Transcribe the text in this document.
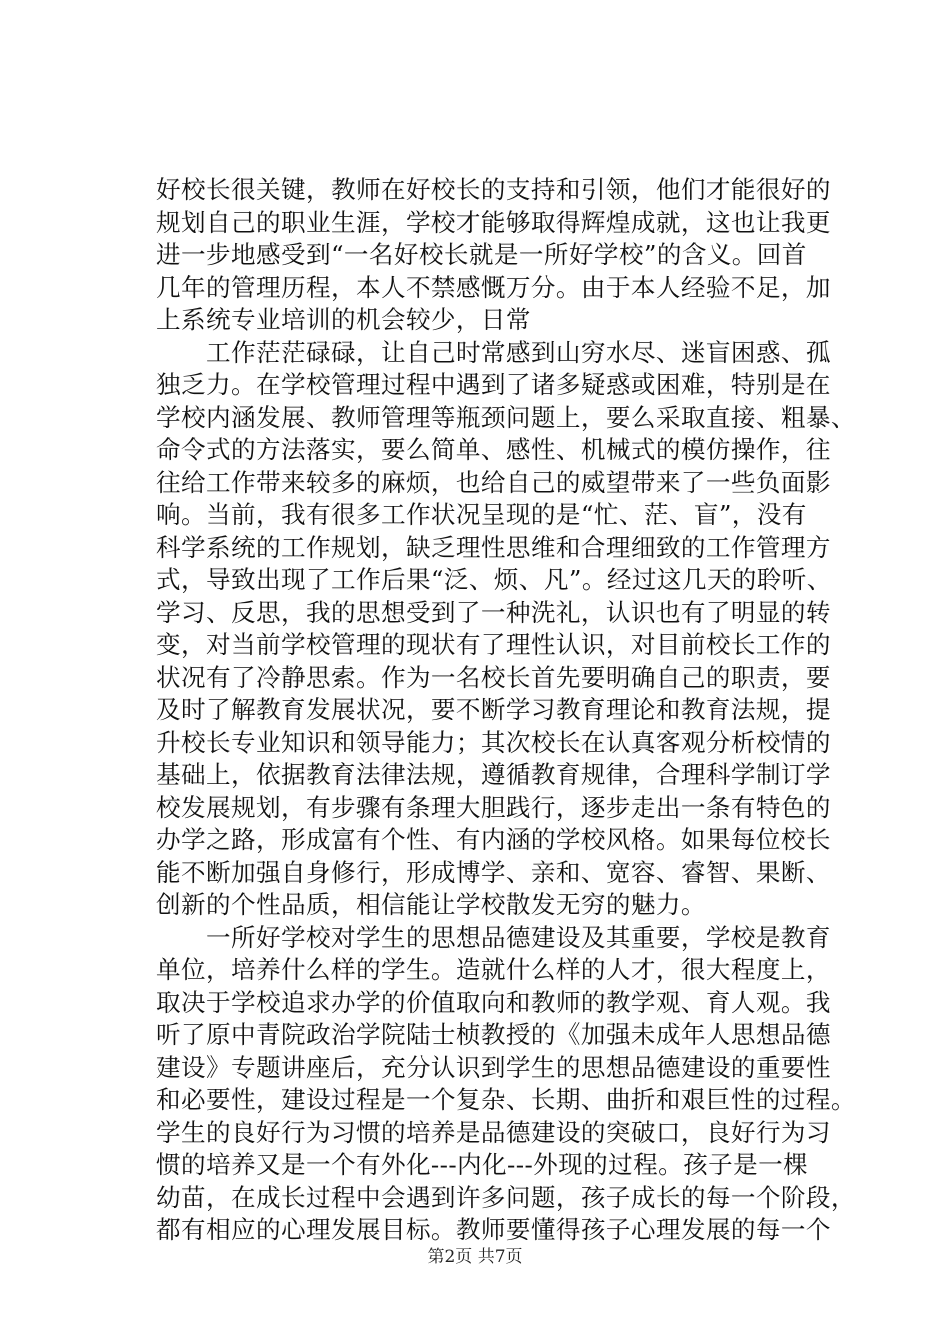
好校长很关键，教师在好校长的支持和引领，他们才能很好的
规划自己的职业生涯，学校才能够取得辉煌成就，这也让我更
进一步地感受到“一名好校长就是一所好学校”的含义。回首
几年的管理历程，本人不禁感慨万分。由于本人经验不足，加
上系统专业培训的机会较少，日常
工作茫茫碌碌，让自己时常感到山穷水尽、迷盲困惑、孤
独乏力。在学校管理过程中遇到了诸多疑惑或困难，特别是在
学校内涵发展、教师管理等瓶颈问题上，要么采取直接、粗暴、
命令式的方法落实，要么简单、感性、机械式的模仿操作，往
往给工作带来较多的麻烦，也给自己的威望带来了一些负面影
响。当前，我有很多工作状况呈现的是“忙、茫、盲”，没有
科学系统的工作规划，缺乏理性思维和合理细致的工作管理方
式，导致出现了工作后果“泛、烦、凡”。经过这几天的聆听、
学习、反思，我的思想受到了一种洗礼，认识也有了明显的转
变，对当前学校管理的现状有了理性认识，对目前校长工作的
状况有了冷静思索。作为一名校长首先要明确自己的职责，要
及时了解教育发展状况，要不断学习教育理论和教育法规，提
升校长专业知识和领导能力；其次校长在认真客观分析校情的
基础上，依据教育法律法规，遵循教育规律，合理科学制订学
校发展规划，有步骤有条理大胆践行，逐步走出一条有特色的
办学之路，形成富有个性、有内涵的学校风格。如果每位校长
能不断加强自身修行，形成博学、亲和、宽容、睿智、果断、
创新的个性品质，相信能让学校散发无穷的魅力。
一所好学校对学生的思想品德建设及其重要，学校是教育
单位，培养什么样的学生。造就什么样的人才，很大程度上，
取决于学校追求办学的价值取向和教师的教学观、育人观。我
听了原中青院政治学院陆士桢教授的《加强未成年人思想品德
建设》专题讲座后，充分认识到学生的思想品德建设的重要性
和必要性，建设过程是一个复杂、长期、曲折和艰巨性的过程。
学生的良好行为习惯的培养是品德建设的突破口，良好行为习
惯的培养又是一个有外化---内化---外现的过程。孩子是一棵
幼苗，在成长过程中会遇到许多问题，孩子成长的每一个阶段，
都有相应的心理发展目标。教师要懂得孩子心理发展的每一个
第2页 共7页
